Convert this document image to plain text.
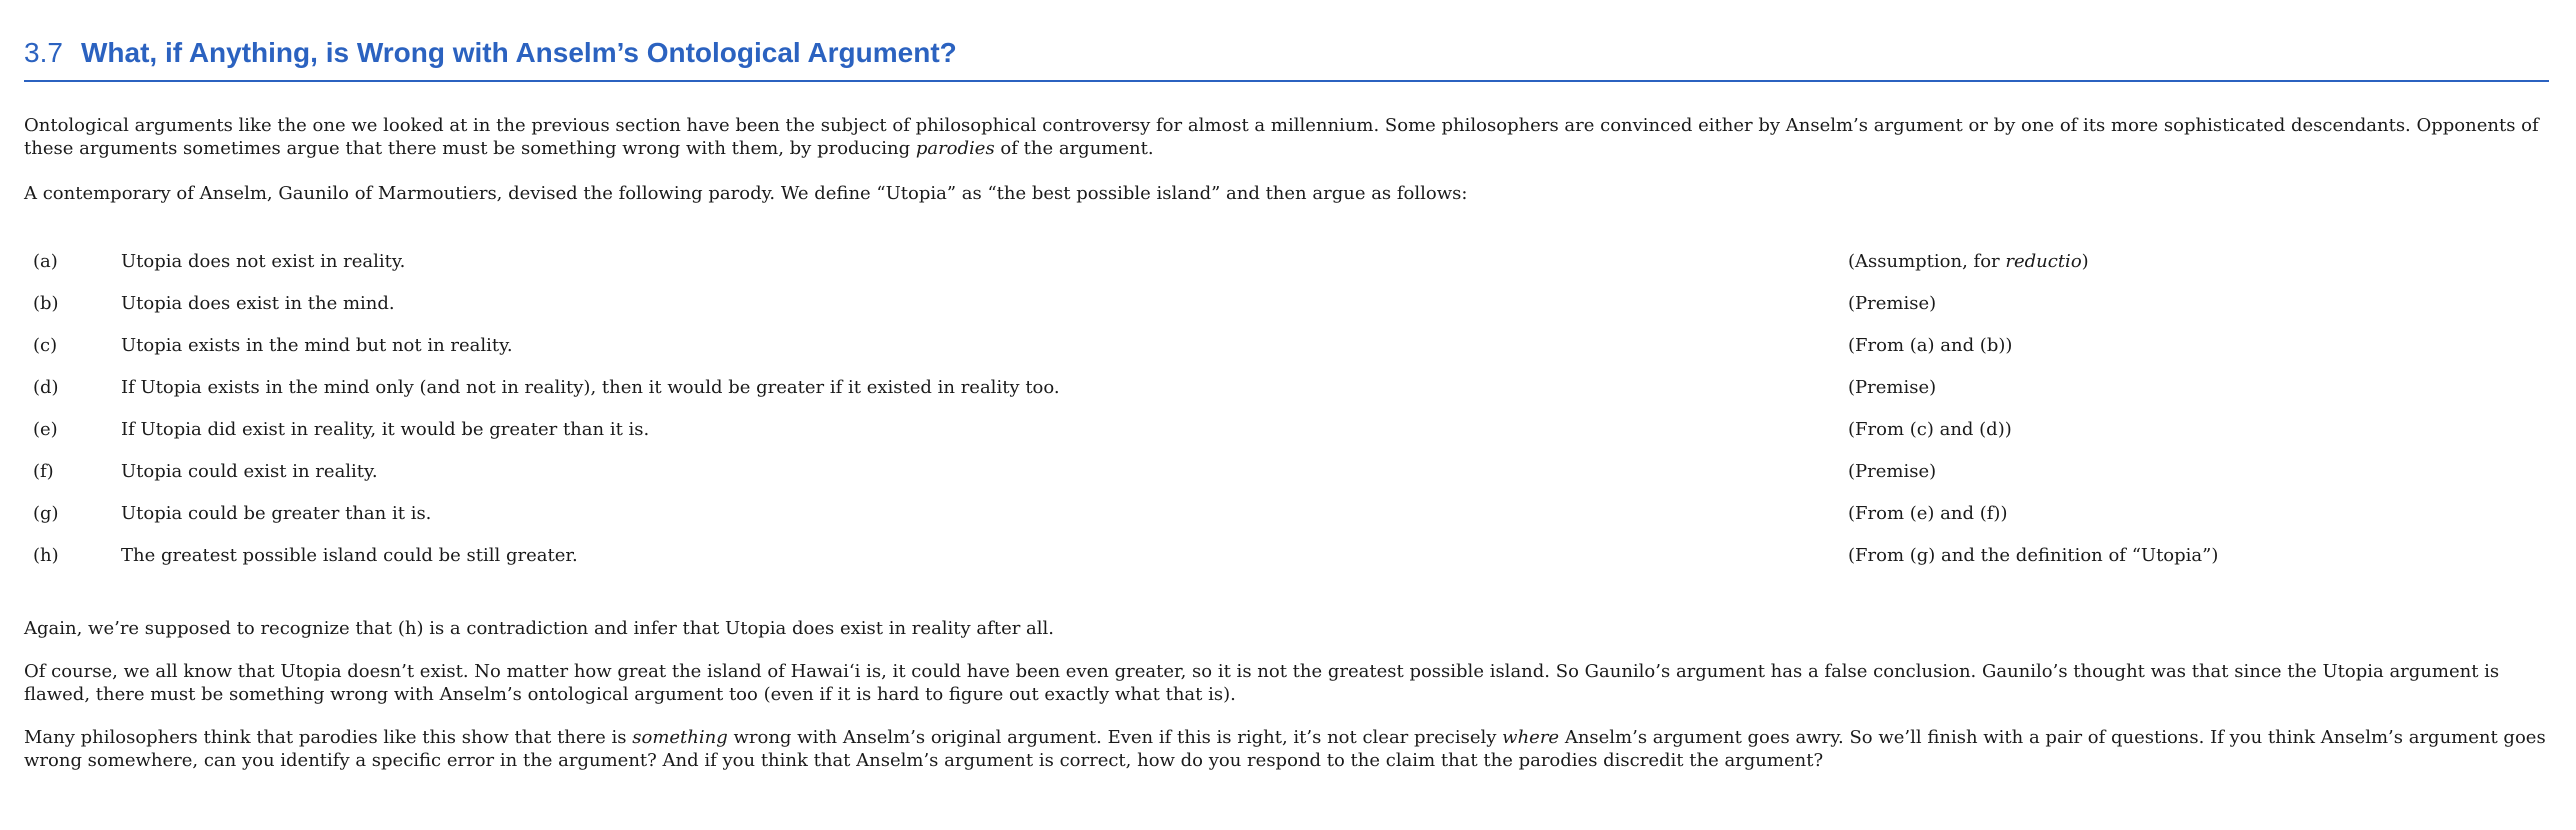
3.7 What, if Anything, is Wrong with Anselm’s Ontological Argument?

Ontological arguments like the one we looked at in the previous section have been the subject of philosophical controversy for almost a millennium. Some philosophers are convinced either by Anselm’s argument or by one of its more sophisticated descendants. Opponents of these arguments sometimes argue that there must be something wrong with them, by producing parodies of the argument.

A contemporary of Anselm, Gaunilo of Marmoutiers, devised the following parody. We define “Utopia” as “the best possible island” and then argue as follows:

(a)	Utopia does not exist in reality.	(Assumption, for reductio)
(b)	Utopia does exist in the mind.	(Premise)
(c)	Utopia exists in the mind but not in reality.	(From (a) and (b))
(d)	If Utopia exists in the mind only (and not in reality), then it would be greater if it existed in reality too.	(Premise)
(e)	If Utopia did exist in reality, it would be greater than it is.	(From (c) and (d))
(f)	Utopia could exist in reality.	(Premise)
(g)	Utopia could be greater than it is.	(From (e) and (f))
(h)	The greatest possible island could be still greater.	(From (g) and the definition of “Utopia”)

Again, we’re supposed to recognize that (h) is a contradiction and infer that Utopia does exist in reality after all.

Of course, we all know that Utopia doesn’t exist. No matter how great the island of Hawai‘i is, it could have been even greater, so it is not the greatest possible island. So Gaunilo’s argument has a false conclusion. Gaunilo’s thought was that since the Utopia argument is flawed, there must be something wrong with Anselm’s ontological argument too (even if it is hard to figure out exactly what that is).

Many philosophers think that parodies like this show that there is something wrong with Anselm’s original argument. Even if this is right, it’s not clear precisely where Anselm’s argument goes awry. So we’ll finish with a pair of questions. If you think Anselm’s argument goes wrong somewhere, can you identify a specific error in the argument? And if you think that Anselm’s argument is correct, how do you respond to the claim that the parodies discredit the argument?
